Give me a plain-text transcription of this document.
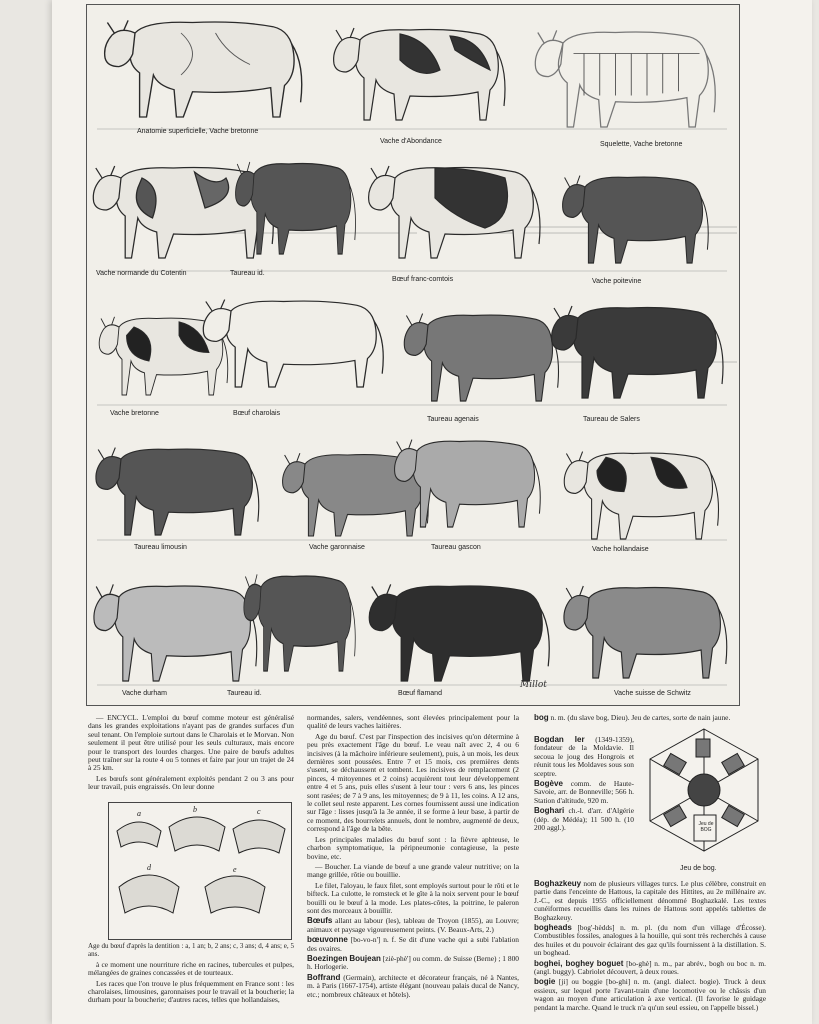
Anatomie superficielle, Vache bretonne
Vache d'Abondance	Squelette, Vache bretonne
Vache normande du Cotentin	Taureau id.
Bœuf franc-comtois	Vache poitevine
Vache bretonne	Bœuf charolais
Taureau agenais	Taureau de Salers
Taureau limousin	Vache garonnaise	Taureau gascon	Vache hollandaise
Vache durham	Taureau id.	Bœuf flamand	Vache suisse de Schwitz
Millot

— ENCYCL. L'emploi du bœuf comme moteur est généralisé dans les grandes exploitations n'ayant pas de grandes surfaces d'un seul tenant. On l'emploie surtout dans le Charolais et le Morvan. Non seulement il peut être utilisé pour les seuls culturaux, mais encore pour le transport des lourdes charges. Une paire de bœufs adultes peut traîner sur la route 4 ou 5 tonnes et faire par jour un trajet de 24 à 25 km.

Les bœufs sont généralement exploités pendant 2 ou 3 ans pour leur travail, puis engraissés. On leur donne

a	b	c
d	e

Age du bœuf d'après la dentition : a, 1 an; b, 2 ans; c, 3 ans; d, 4 ans; e, 5 ans.

à ce moment une nourriture riche en racines, tubercules et pulpes, mélangées de graines concassées et de tourteaux.

Les races que l'on trouve le plus fréquemment en France sont : les charolaises, limousines, garonnaises pour le travail et la boucherie; la durham pour la boucherie; d'autres races, telles que hollandaises,

normandes, salers, vendéennes, sont élevées principalement pour la qualité de leurs vaches laitières.

Age du bœuf. C'est par l'inspection des incisives qu'on détermine à peu près exactement l'âge du bœuf. Le veau naît avec 2, 4 ou 6 incisives (à la mâchoire inférieure seulement), puis, à un mois, les deux dernières sont poussées. Entre 7 et 15 mois, ces premières dents s'usent, se déchaussent et tombent. Les incisives de remplacement (2 pinces, 4 mitoyennes et 2 coins) acquièrent tout leur développement entre 4 et 5 ans, puis elles s'usent à leur tour : vers 6 ans, les pinces sont rasées; de 7 à 9 ans, les mitoyennes; de 9 à 11, les coins. A 12 ans, le collet seul reste apparent. Les cornes fournissent aussi une indication sur l'âge : lisses jusqu'à la 3e année, il se forme à leur base, à partir de ce moment, des bourrelets annuels, dont le nombre, augmenté de deux, correspond à l'âge de la bête.

Les principales maladies du bœuf sont : la fièvre aphteuse, le charbon symptomatique, la péripneumonie contagieuse, la peste bovine, etc.

— Boucher. La viande de bœuf a une grande valeur nutritive; on la mange grillée, rôtie ou bouillie.

Le filet, l'aloyau, le faux filet, sont employés surtout pour le rôti et le bifteck. La culotte, le romsteck et le gîte à la noix servent pour le bœuf bouilli ou le bœuf à la mode. Les plates-côtes, la poitrine, le paleron sont des morceaux à bouillir.

Bœufs allant au labour (les), tableau de Troyon (1855), au Louvre; animaux et paysage vigoureusement peints. (V. Beaux-Arts, 2.)
bœuvonne [bo-vo-n'] n. f. Se dit d'une vache qui a subi l'ablation des ovaires.
Boezingen Boujean [ziè-phè'] ou comm. de Suisse (Berne) ; 1 800 h. Horlogerie.
Boffrand (Germain), architecte et décorateur français, né à Nantes, m. à Paris (1667-1754), artiste élégant (nouveau palais ducal de Nancy, etc.; nombreux châteaux et hôtels).
bog n. m. (du slave bog, Dieu). Jeu de cartes, sorte de nain jaune.
Bogdan Ier (1349-1359), fondateur de la Moldavie. Il secoua le joug des Hongrois et réunit tous les Moldaves sous son sceptre.
Bogève comm. de Haute-Savoie, arr. de Bonneville; 566 h. Station d'altitude, 920 m.
Boghari ch.-l. d'arr. d'Algérie (dép. de Médéa); 11 500 h. (10 200 aggl.).	Jeu de BOG
Jeu de bog.
Boghazkeuy nom de plusieurs villages turcs. Le plus célèbre, construit en partie dans l'enceinte de Hattous, la capitale des Hittites, au 2e millénaire av. J.-C., est depuis 1955 officiellement dénommé Boghazkalé. Les textes cunéiformes recueillis dans les ruines de Hattous sont appelés tablettes de Boghazkeuy.
bogheads [bog'-hèdds] n. m. pl. (du nom d'un village d'Écosse). Combustibles fossiles, analogues à la houille, qui sont très recherchés à cause des huiles et du pouvoir éclairant des gaz qu'ils fournissent à la distillation. S. un boghead.
boghei, boghey boguet [bo-ghè] n. m., par abrév., bogh ou boc n. m. (angl. buggy). Cabriolet découvert, à deux roues.
bogie [ji] ou boggie [bo-ghi] n. m. (angl. dialect. bogie). Truck à deux essieux, sur lequel porte l'avant-train d'une locomotive ou le châssis d'un wagon au moyen d'une articulation à axe vertical. (Il favorise le guidage pendant la marche. Quand le truck n'a qu'un seul essieu, on l'appelle bissel.)
